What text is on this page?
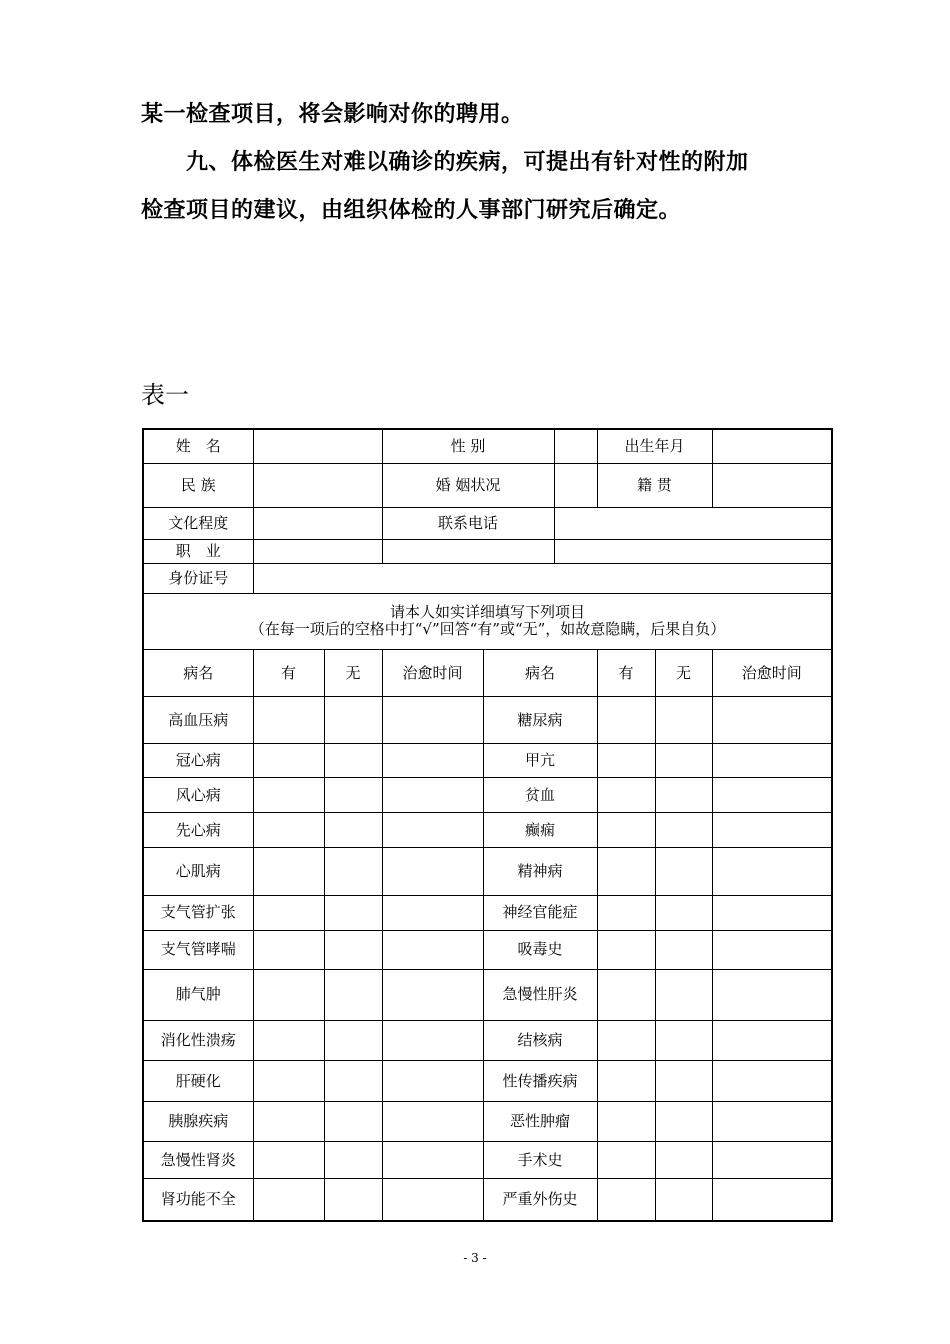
某一检查项目，将会影响对你的聘用。
　　九、体检医生对难以确诊的疾病，可提出有针对性的附加
检查项目的建议，由组织体检的人事部门研究后确定。
表一
姓　名			性 别			出生年月		

民 族			婚 姻状况			籍 贯			
文化程度			联系电话						
职　业									
身份证号									

请本人如实详细填写下列项目
（在每一项后的空格中打“√”回答“有”或“无”，如故意隐瞒，后果自负）									

病名	有	无	治愈时间	病名		有	无	治愈时间	
高血压病				糖尿病					
冠心病				甲亢					
风心病				贫血					
先心病				癫痫					
心肌病				精神病					
支气管扩张				神经官能症					
支气管哮喘				吸毒史					
肺气肿				急慢性肝炎					
消化性溃疡				结核病					
肝硬化				性传播疾病					
胰腺疾病				恶性肿瘤					
急慢性肾炎				手术史					
肾功能不全				严重外伤史					
- 3 -
